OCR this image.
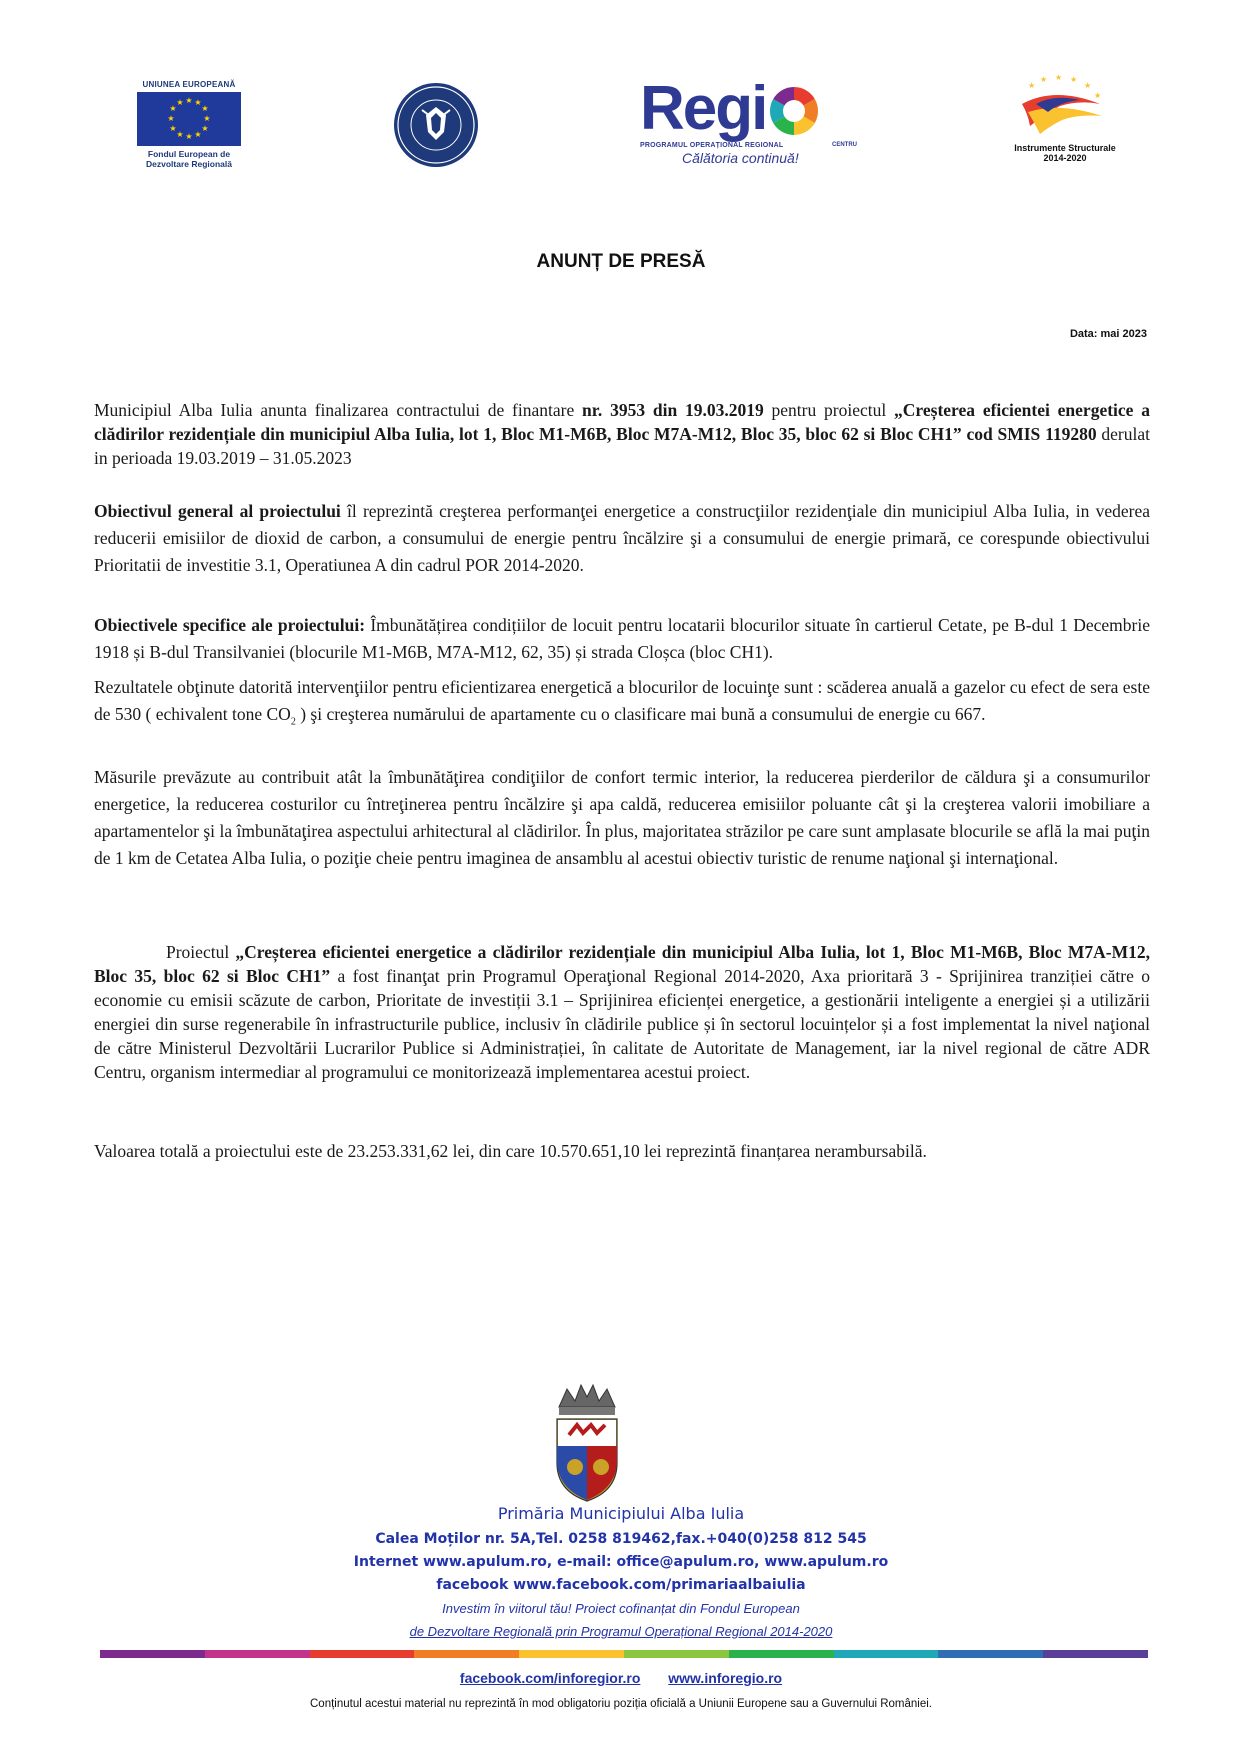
UNIUNEA EUROPEANĂ
★ ★
★
★
★
★
★
★
★
★
★
★
Fondul European de
Dezvoltare Regională
Regi
PROGRAMUL OPERAȚIONAL REGIONAL	CENTRU
Călătoria continuă!
★
★ ★ ★
★
★
Instrumente Structurale
2014-2020
ANUNȚ DE PRESĂ
Data: mai 2023
Municipiul Alba Iulia anunta finalizarea contractului de finantare nr. 3953 din 19.03.2019 pentru proiectul „Creșterea eficientei energetice a clădirilor rezidențiale din municipiul Alba Iulia, lot 1, Bloc M1-M6B, Bloc M7A-M12, Bloc 35, bloc 62 si Bloc CH1” cod SMIS 119280 derulat in perioada 19.03.2019 – 31.05.2023
Obiectivul general al proiectului îl reprezintă creşterea performanţei energetice a construcţiilor rezidenţiale din municipiul Alba Iulia, in vederea reducerii emisiilor de dioxid de carbon, a consumului de energie pentru încălzire şi a consumului de energie primară, ce corespunde obiectivului Prioritatii de investitie 3.1, Operatiunea A din cadrul POR 2014-2020.
Obiectivele specifice ale proiectului: Îmbunătățirea condițiilor de locuit pentru locatarii blocurilor situate în cartierul Cetate, pe B-dul 1 Decembrie 1918 și B-dul Transilvaniei (blocurile M1-M6B, M7A-M12, 62, 35) și strada Cloșca (bloc CH1).
Rezultatele obţinute datorită intervenţiilor pentru eficientizarea energetică a blocurilor de locuinţe sunt : scăderea anuală a gazelor cu efect de sera este de 530 ( echivalent tone $CO_2$ ) şi creşterea numărului de apartamente cu o clasificare mai bună a consumului de energie cu 667.
Măsurile prevăzute au contribuit atât la îmbunătăţirea condiţiilor de confort termic interior, la reducerea pierderilor de căldura şi a consumurilor energetice, la reducerea costurilor cu întreţinerea pentru încălzire şi apa caldă, reducerea emisiilor poluante cât şi la creşterea valorii imobiliare a apartamentelor şi la îmbunătaţirea aspectului arhitectural al clădirilor. În plus, majoritatea străzilor pe care sunt amplasate blocurile se află la mai puţin de 1 km de Cetatea Alba Iulia, o poziţie cheie pentru imaginea de ansamblu al acestui obiectiv turistic de renume naţional şi internaţional.
Proiectul „Creșterea eficientei energetice a clădirilor rezidențiale din municipiul Alba Iulia, lot 1, Bloc M1-M6B, Bloc M7A-M12, Bloc 35, bloc 62 si Bloc CH1” a fost finanţat prin Programul Operaţional Regional 2014-2020, Axa prioritară 3 - Sprijinirea tranziției către o economie cu emisii scăzute de carbon, Prioritate de investiții 3.1 – Sprijinirea eficienței energetice, a gestionării inteligente a energiei și a utilizării energiei din surse regenerabile în infrastructurile publice, inclusiv în clădirile publice și în sectorul locuințelor și a fost implementat la nivel naţional de către Ministerul Dezvoltării Lucrarilor Publice si Administrației, în calitate de Autoritate de Management, iar la nivel regional de către ADR Centru, organism intermediar al programului ce monitorizează implementarea acestui proiect.
Valoarea totală a proiectului este de 23.253.331,62 lei, din care 10.570.651,10 lei reprezintă finanțarea nerambursabilă.
Primăria Municipiului Alba Iulia
Calea Moților nr. 5A,Tel. 0258 819462,fax.+040(0)258 812 545
Internet www.apulum.ro, e-mail: office@apulum.ro, www.apulum.ro
facebook www.facebook.com/primariaalbaiulia
Investim în viitorul tău! Proiect cofinanțat din Fondul European
de Dezvoltare Regională prin Programul Operațional Regional 2014-2020
facebook.com/inforegior.ro www.inforegio.ro
Conținutul acestui material nu reprezintă în mod obligatoriu poziția oficială a Uniunii Europene sau a Guvernului României.
